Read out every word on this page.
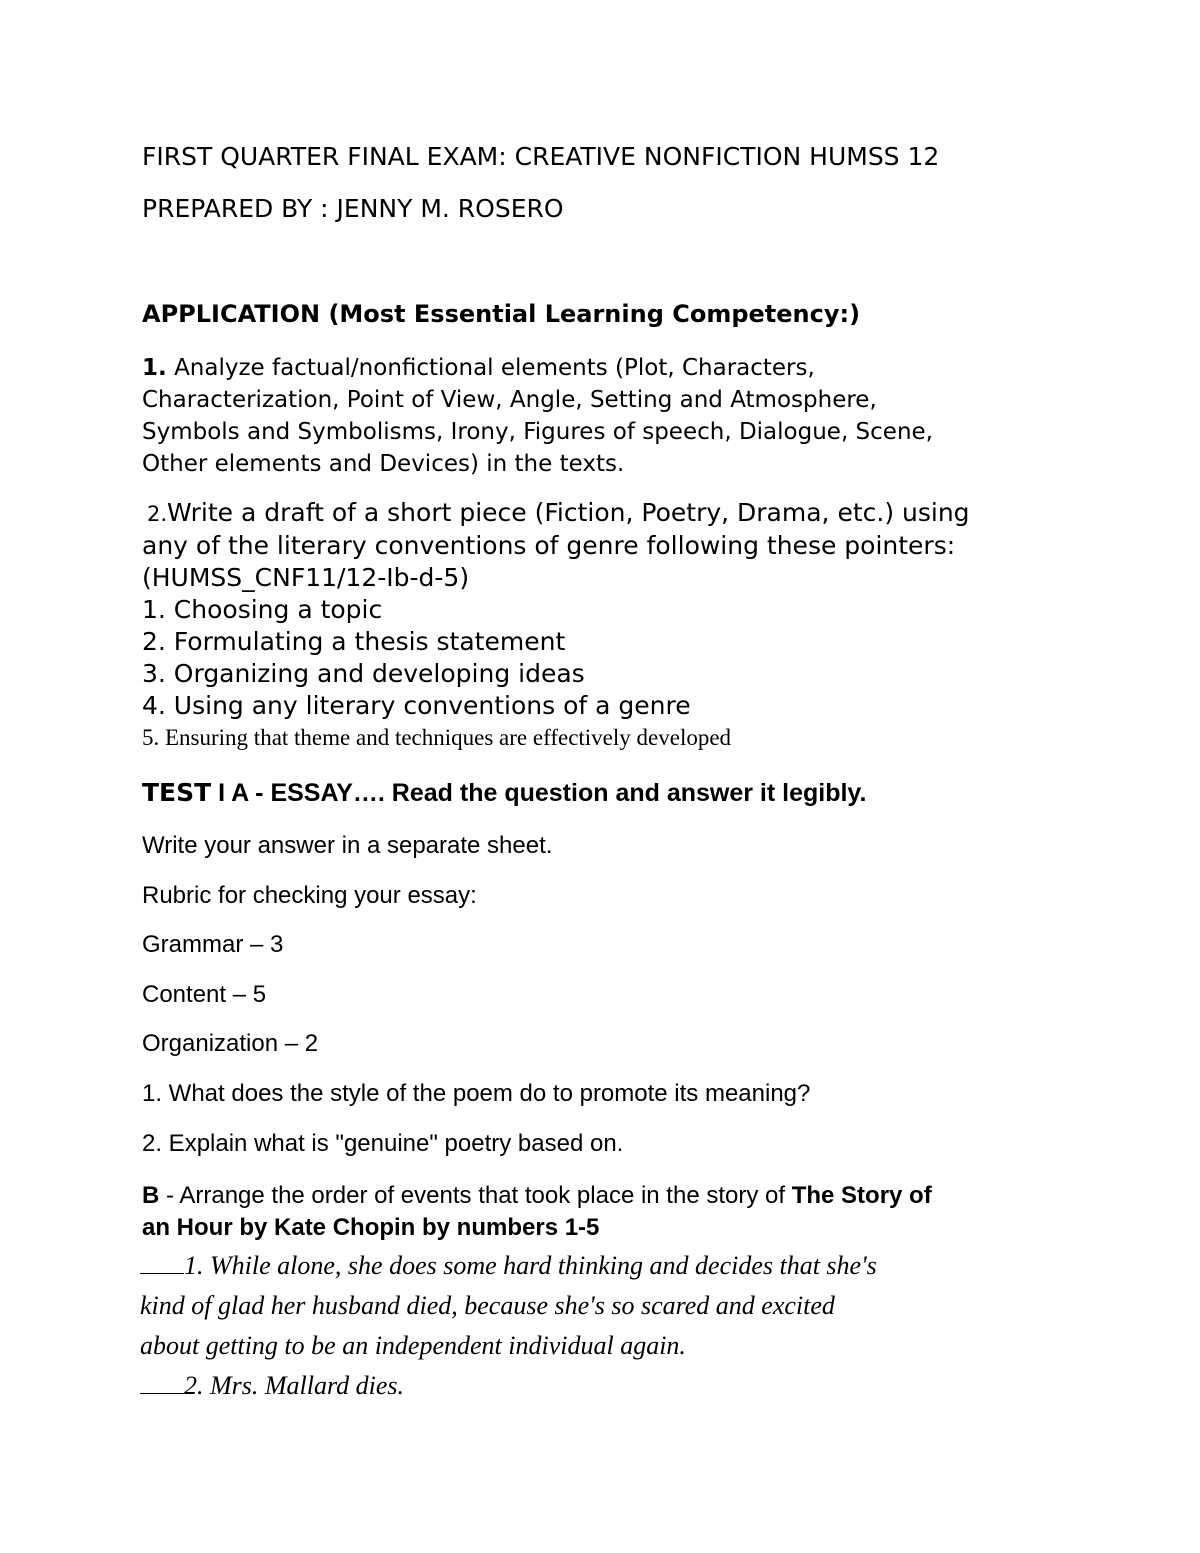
FIRST QUARTER FINAL EXAM: CREATIVE NONFICTION HUMSS 12

PREPARED BY : JENNY M. ROSERO

APPLICATION (Most Essential Learning Competency:)

1. Analyze factual/nonfictional elements (Plot, Characters,
Characterization, Point of View, Angle, Setting and Atmosphere,
Symbols and Symbolisms, Irony, Figures of speech, Dialogue, Scene,
Other elements and Devices) in the texts.
2.Write a draft of a short piece (Fiction, Poetry, Drama, etc.) using
any of the literary conventions of genre following these pointers:
(HUMSS_CNF11/12-Ib-d-5)
1. Choosing a topic
2. Formulating a thesis statement
3. Organizing and developing ideas
4. Using any literary conventions of a genre
5. Ensuring that theme and techniques are effectively developed

TEST I A - ESSAY…. Read the question and answer it legibly.

Write your answer in a separate sheet.

Rubric for checking your essay:

Grammar – 3

Content – 5

Organization – 2

1. What does the style of the poem do to promote its meaning?

2. Explain what is "genuine" poetry based on.

B - Arrange the order of events that took place in the story of The Story of
an Hour by Kate Chopin by numbers 1-5
1. While alone, she does some hard thinking and decides that she's
kind of glad her husband died, because she's so scared and excited
about getting to be an independent individual again.
2. Mrs. Mallard dies.
